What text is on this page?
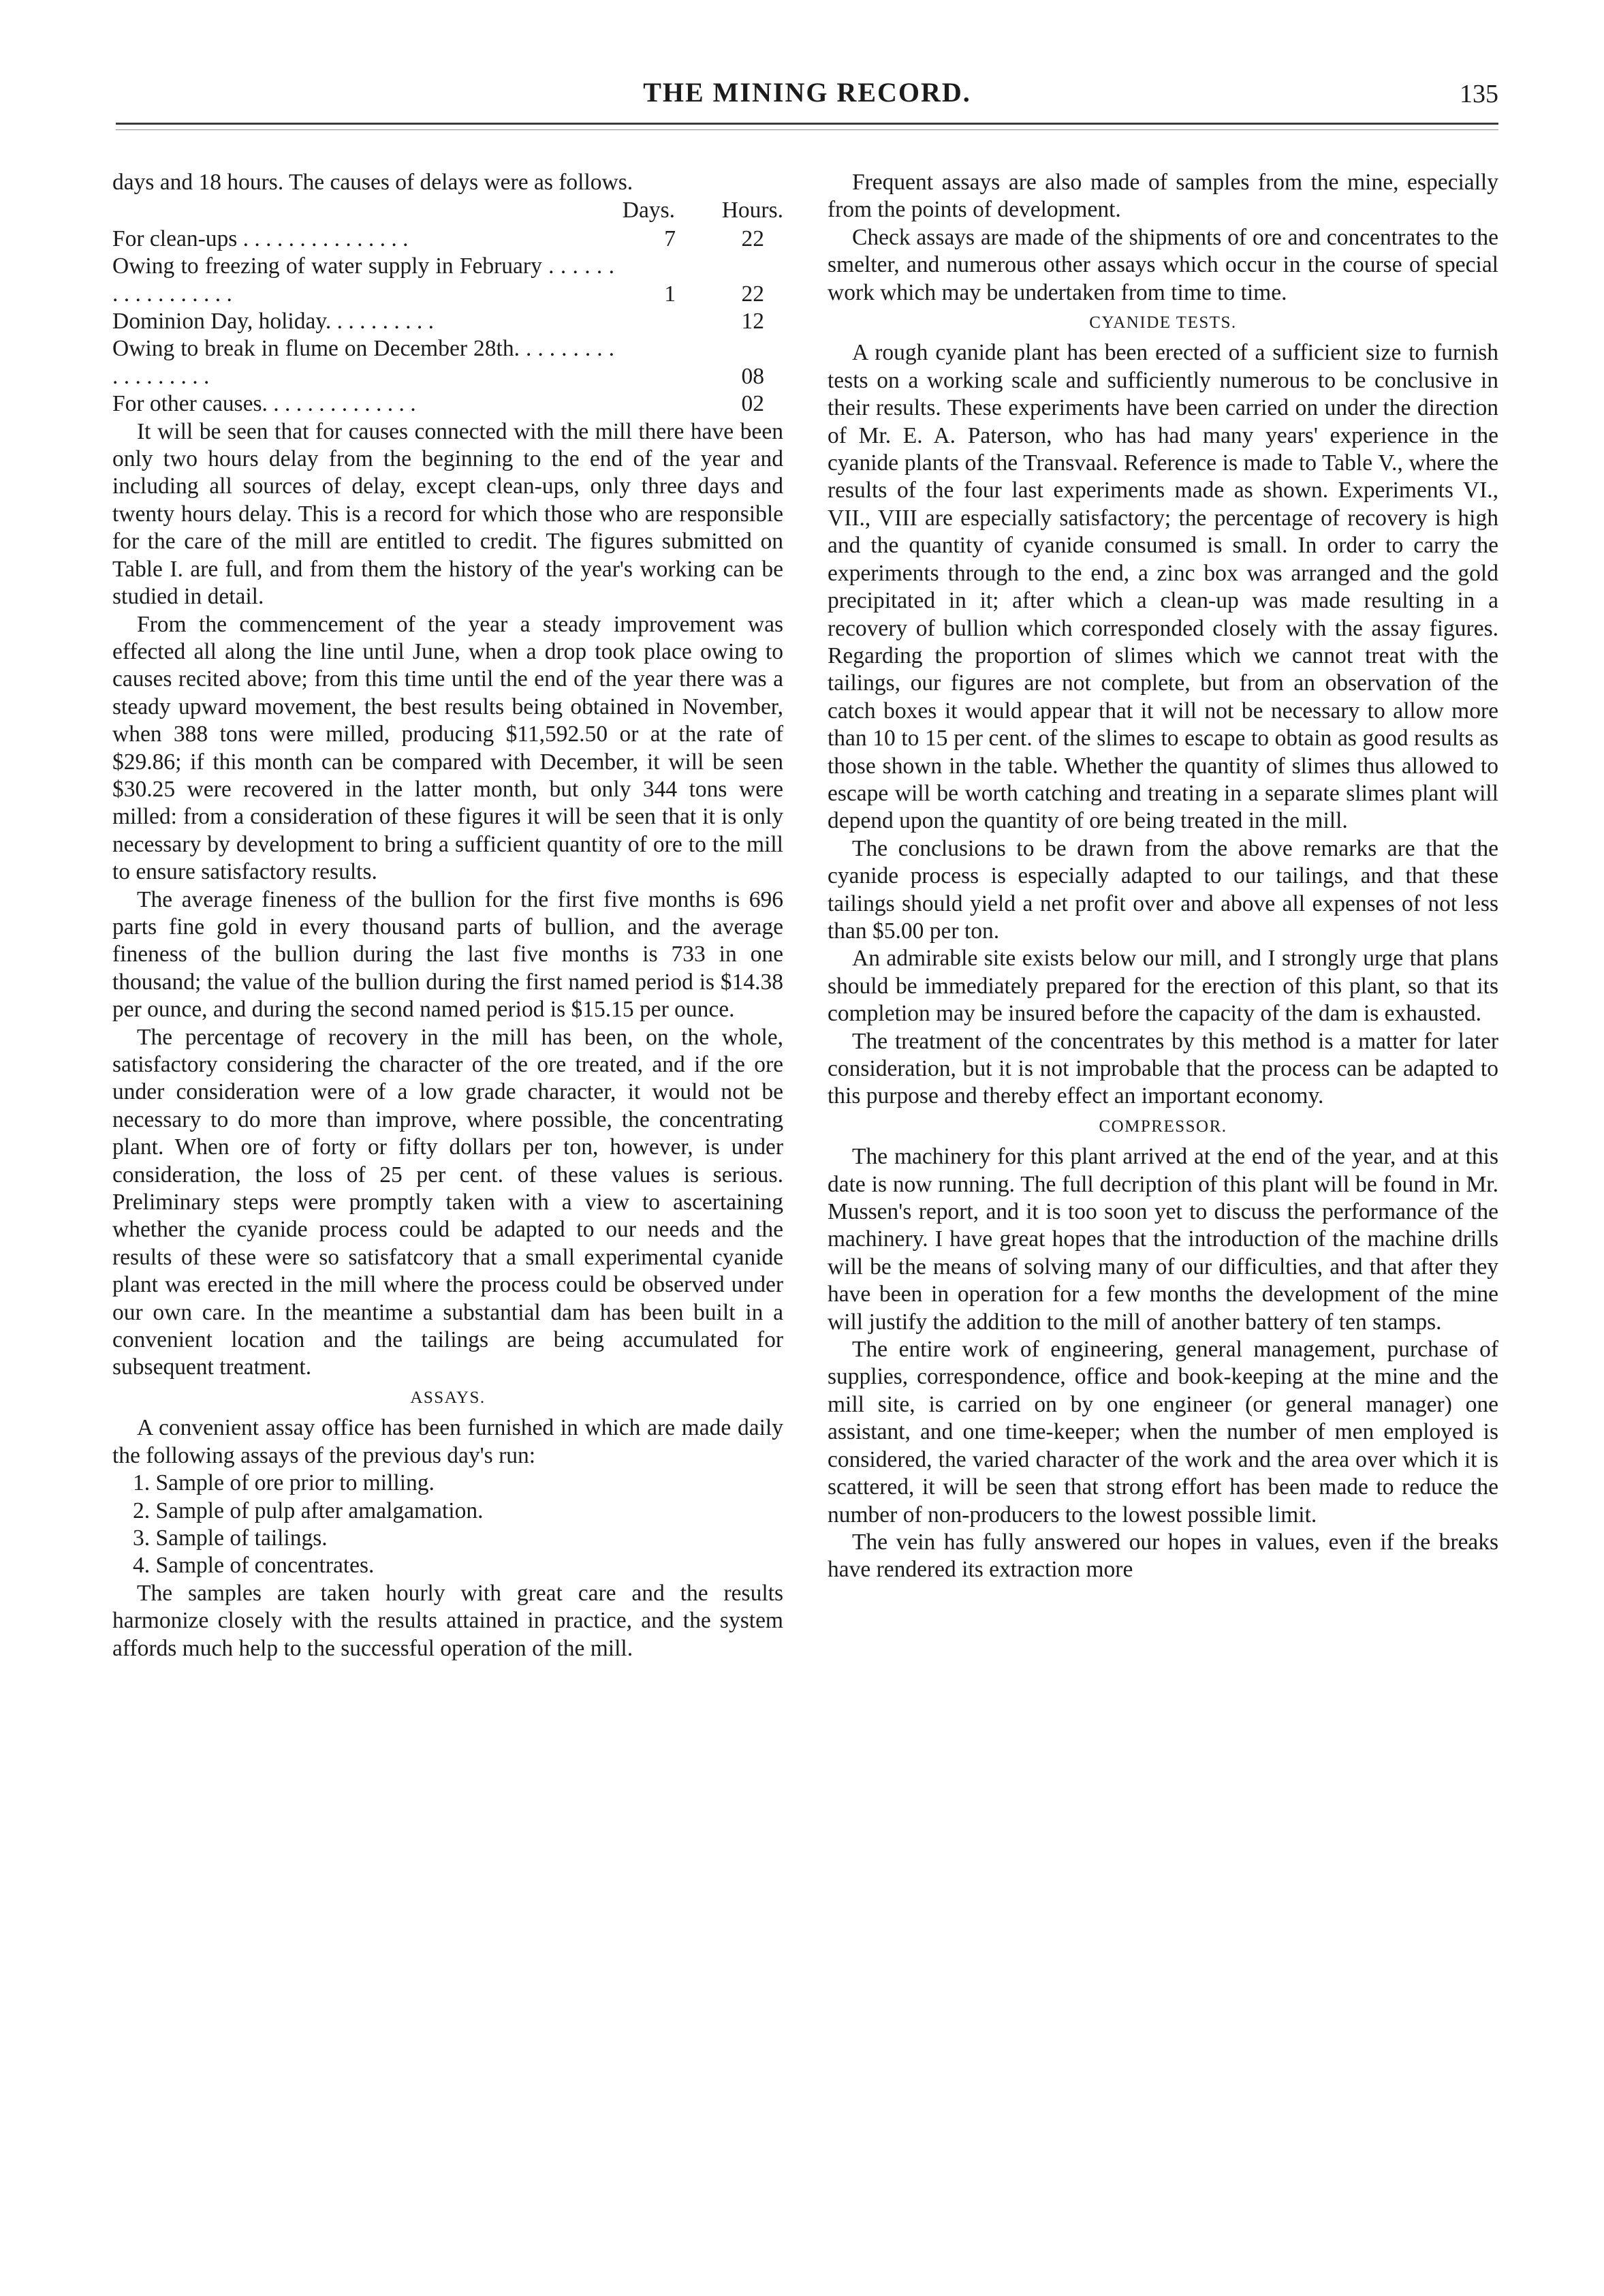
THE MINING RECORD.	135

days and 18 hours. The causes of delays were as follows.

	Days.	Hours.
For clean-ups . . . . . . . . . . . . . . .	7	22
Owing to freezing of water supply in February . . . . . . . . . . . . . . . . .	1	22
Dominion Day, holiday. . . . . . . . . .		12
Owing to break in flume on December 28th. . . . . . . . . . . . . . . . . .		08
For other causes. . . . . . . . . . . . . .		02

It will be seen that for causes connected with the mill there have been only two hours delay from the beginning to the end of the year and including all sources of delay, except clean-ups, only three days and twenty hours delay. This is a record for which those who are responsible for the care of the mill are entitled to credit. The figures submitted on Table I. are full, and from them the history of the year's working can be studied in detail.

From the commencement of the year a steady improvement was effected all along the line until June, when a drop took place owing to causes recited above; from this time until the end of the year there was a steady upward movement, the best results being obtained in November, when 388 tons were milled, producing $11,592.50 or at the rate of $29.86; if this month can be compared with December, it will be seen $30.25 were recovered in the latter month, but only 344 tons were milled: from a consideration of these figures it will be seen that it is only necessary by development to bring a sufficient quantity of ore to the mill to ensure satisfactory results.

The average fineness of the bullion for the first five months is 696 parts fine gold in every thousand parts of bullion, and the average fineness of the bullion during the last five months is 733 in one thousand; the value of the bullion during the first named period is $14.38 per ounce, and during the second named period is $15.15 per ounce.

The percentage of recovery in the mill has been, on the whole, satisfactory considering the character of the ore treated, and if the ore under consideration were of a low grade character, it would not be necessary to do more than improve, where possible, the concentrating plant. When ore of forty or fifty dollars per ton, however, is under consideration, the loss of 25 per cent. of these values is serious. Preliminary steps were promptly taken with a view to ascertaining whether the cyanide process could be adapted to our needs and the results of these were so satisfatcory that a small experimental cyanide plant was erected in the mill where the process could be observed under our own care. In the meantime a substantial dam has been built in a convenient location and the tailings are being accumulated for subsequent treatment.

ASSAYS.

A convenient assay office has been furnished in which are made daily the following assays of the previous day's run:

1. Sample of ore prior to milling.
2. Sample of pulp after amalgamation.
3. Sample of tailings.
4. Sample of concentrates.

The samples are taken hourly with great care and the results harmonize closely with the results attained in practice, and the system affords much help to the successful operation of the mill.

Frequent assays are also made of samples from the mine, especially from the points of development.

Check assays are made of the shipments of ore and concentrates to the smelter, and numerous other assays which occur in the course of special work which may be undertaken from time to time.

CYANIDE TESTS.

A rough cyanide plant has been erected of a sufficient size to furnish tests on a working scale and sufficiently numerous to be conclusive in their results. These experiments have been carried on under the direction of Mr. E. A. Paterson, who has had many years' experience in the cyanide plants of the Transvaal. Reference is made to Table V., where the results of the four last experiments made as shown. Experiments VI., VII., VIII are especially satisfactory; the percentage of recovery is high and the quantity of cyanide consumed is small. In order to carry the experiments through to the end, a zinc box was arranged and the gold precipitated in it; after which a clean-up was made resulting in a recovery of bullion which corresponded closely with the assay figures. Regarding the proportion of slimes which we cannot treat with the tailings, our figures are not complete, but from an observation of the catch boxes it would appear that it will not be necessary to allow more than 10 to 15 per cent. of the slimes to escape to obtain as good results as those shown in the table. Whether the quantity of slimes thus allowed to escape will be worth catching and treating in a separate slimes plant will depend upon the quantity of ore being treated in the mill.

The conclusions to be drawn from the above remarks are that the cyanide process is especially adapted to our tailings, and that these tailings should yield a net profit over and above all expenses of not less than $5.00 per ton.

An admirable site exists below our mill, and I strongly urge that plans should be immediately prepared for the erection of this plant, so that its completion may be insured before the capacity of the dam is exhausted.

The treatment of the concentrates by this method is a matter for later consideration, but it is not improbable that the process can be adapted to this purpose and thereby effect an important economy.

COMPRESSOR.

The machinery for this plant arrived at the end of the year, and at this date is now running. The full decription of this plant will be found in Mr. Mussen's report, and it is too soon yet to discuss the performance of the machinery. I have great hopes that the introduction of the machine drills will be the means of solving many of our difficulties, and that after they have been in operation for a few months the development of the mine will justify the addition to the mill of another battery of ten stamps.

The entire work of engineering, general management, purchase of supplies, correspondence, office and book-keeping at the mine and the mill site, is carried on by one engineer (or general manager) one assistant, and one time-keeper; when the number of men employed is considered, the varied character of the work and the area over which it is scattered, it will be seen that strong effort has been made to reduce the number of non-producers to the lowest possible limit.

The vein has fully answered our hopes in values, even if the breaks have rendered its extraction more
